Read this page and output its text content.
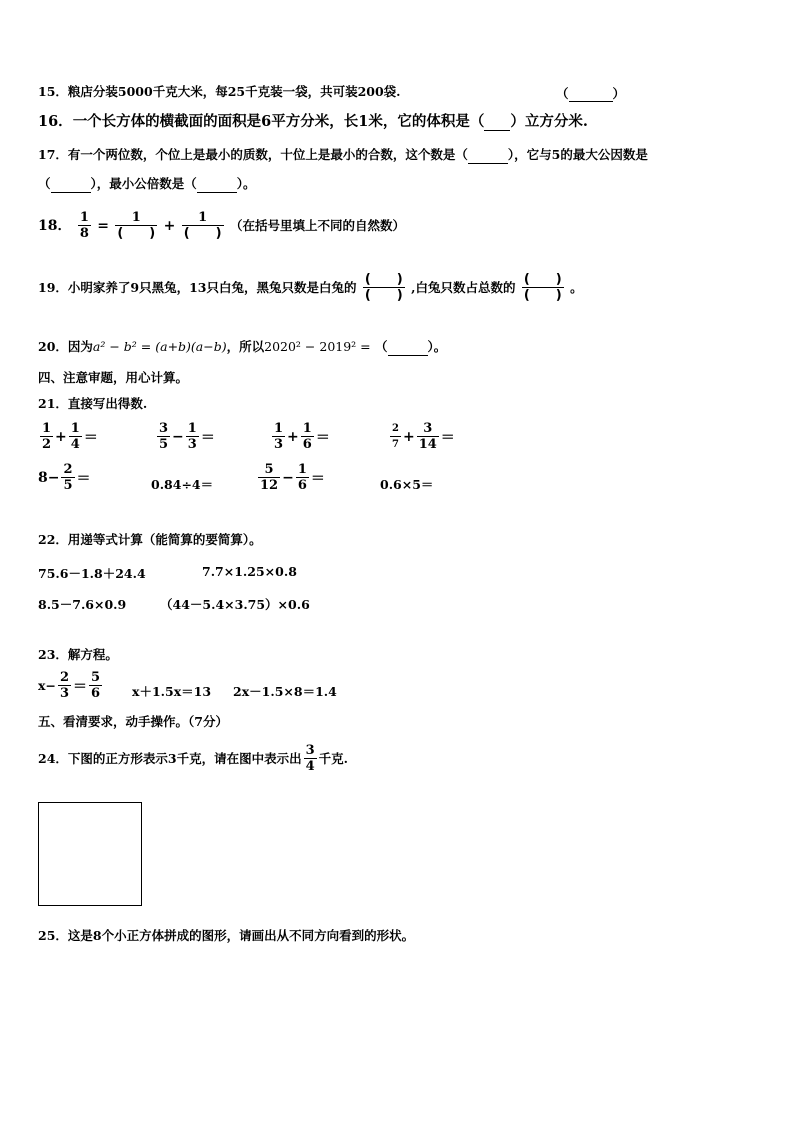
15．粮店分装5000千克大米，每25千克装一袋，共可装200袋.	（	）
16．一个长方体的横截面的面积是6平方分米，长1米，它的体积是（ ）立方分米.
17．有一个两位数，个位上是最小的质数，十位上是最小的合数，这个数是（	），它与5的最大公因数是
（	），最小公倍数是（	）。
18． $\frac{1}{8} = \frac{1}{( )} + \frac{1}{( )}$ （在括号里填上不同的自然数）
19．小明家养了9只黑兔，13只白兔，黑兔只数是白兔的 $\frac{( )}{( )}$ ,白兔只数占总数的 $\frac{( )}{( )}$ 。
20．因为a² − b² = (a+b)(a−b)，所以2020² − 2019² = （	）。
四、注意审题，用心计算。
21．直接写出得数.
$\frac{1}{2} + \frac{1}{4}$ ＝	$\frac{3}{5} - \frac{1}{3}$ ＝	$\frac{1}{3} + \frac{1}{6}$ ＝	$\frac{2}{7} + \frac{3}{14}$ ＝
$8- \frac{2}{5}$ ＝	0.84÷4＝	$\frac{5}{12} - \frac{1}{6}$ ＝	0.6×5＝
22．用递等式计算（能简算的要简算）。
75.6－1.8＋24.4	7.7×1.25×0.8
8.5－7.6×0.9	（44－5.4×3.75）×0.6
23．解方程。
$x- \frac{2}{3} = \frac{5}{6} x+1.5x=13$ 2x－1.5×8＝1.4
五、看清要求，动手操作。（7分）
24．下图的正方形表示3千克，请在图中表示出 $\frac{3}{4}$ 千克.
25．这是8个小正方体拼成的图形，请画出从不同方向看到的形状。
